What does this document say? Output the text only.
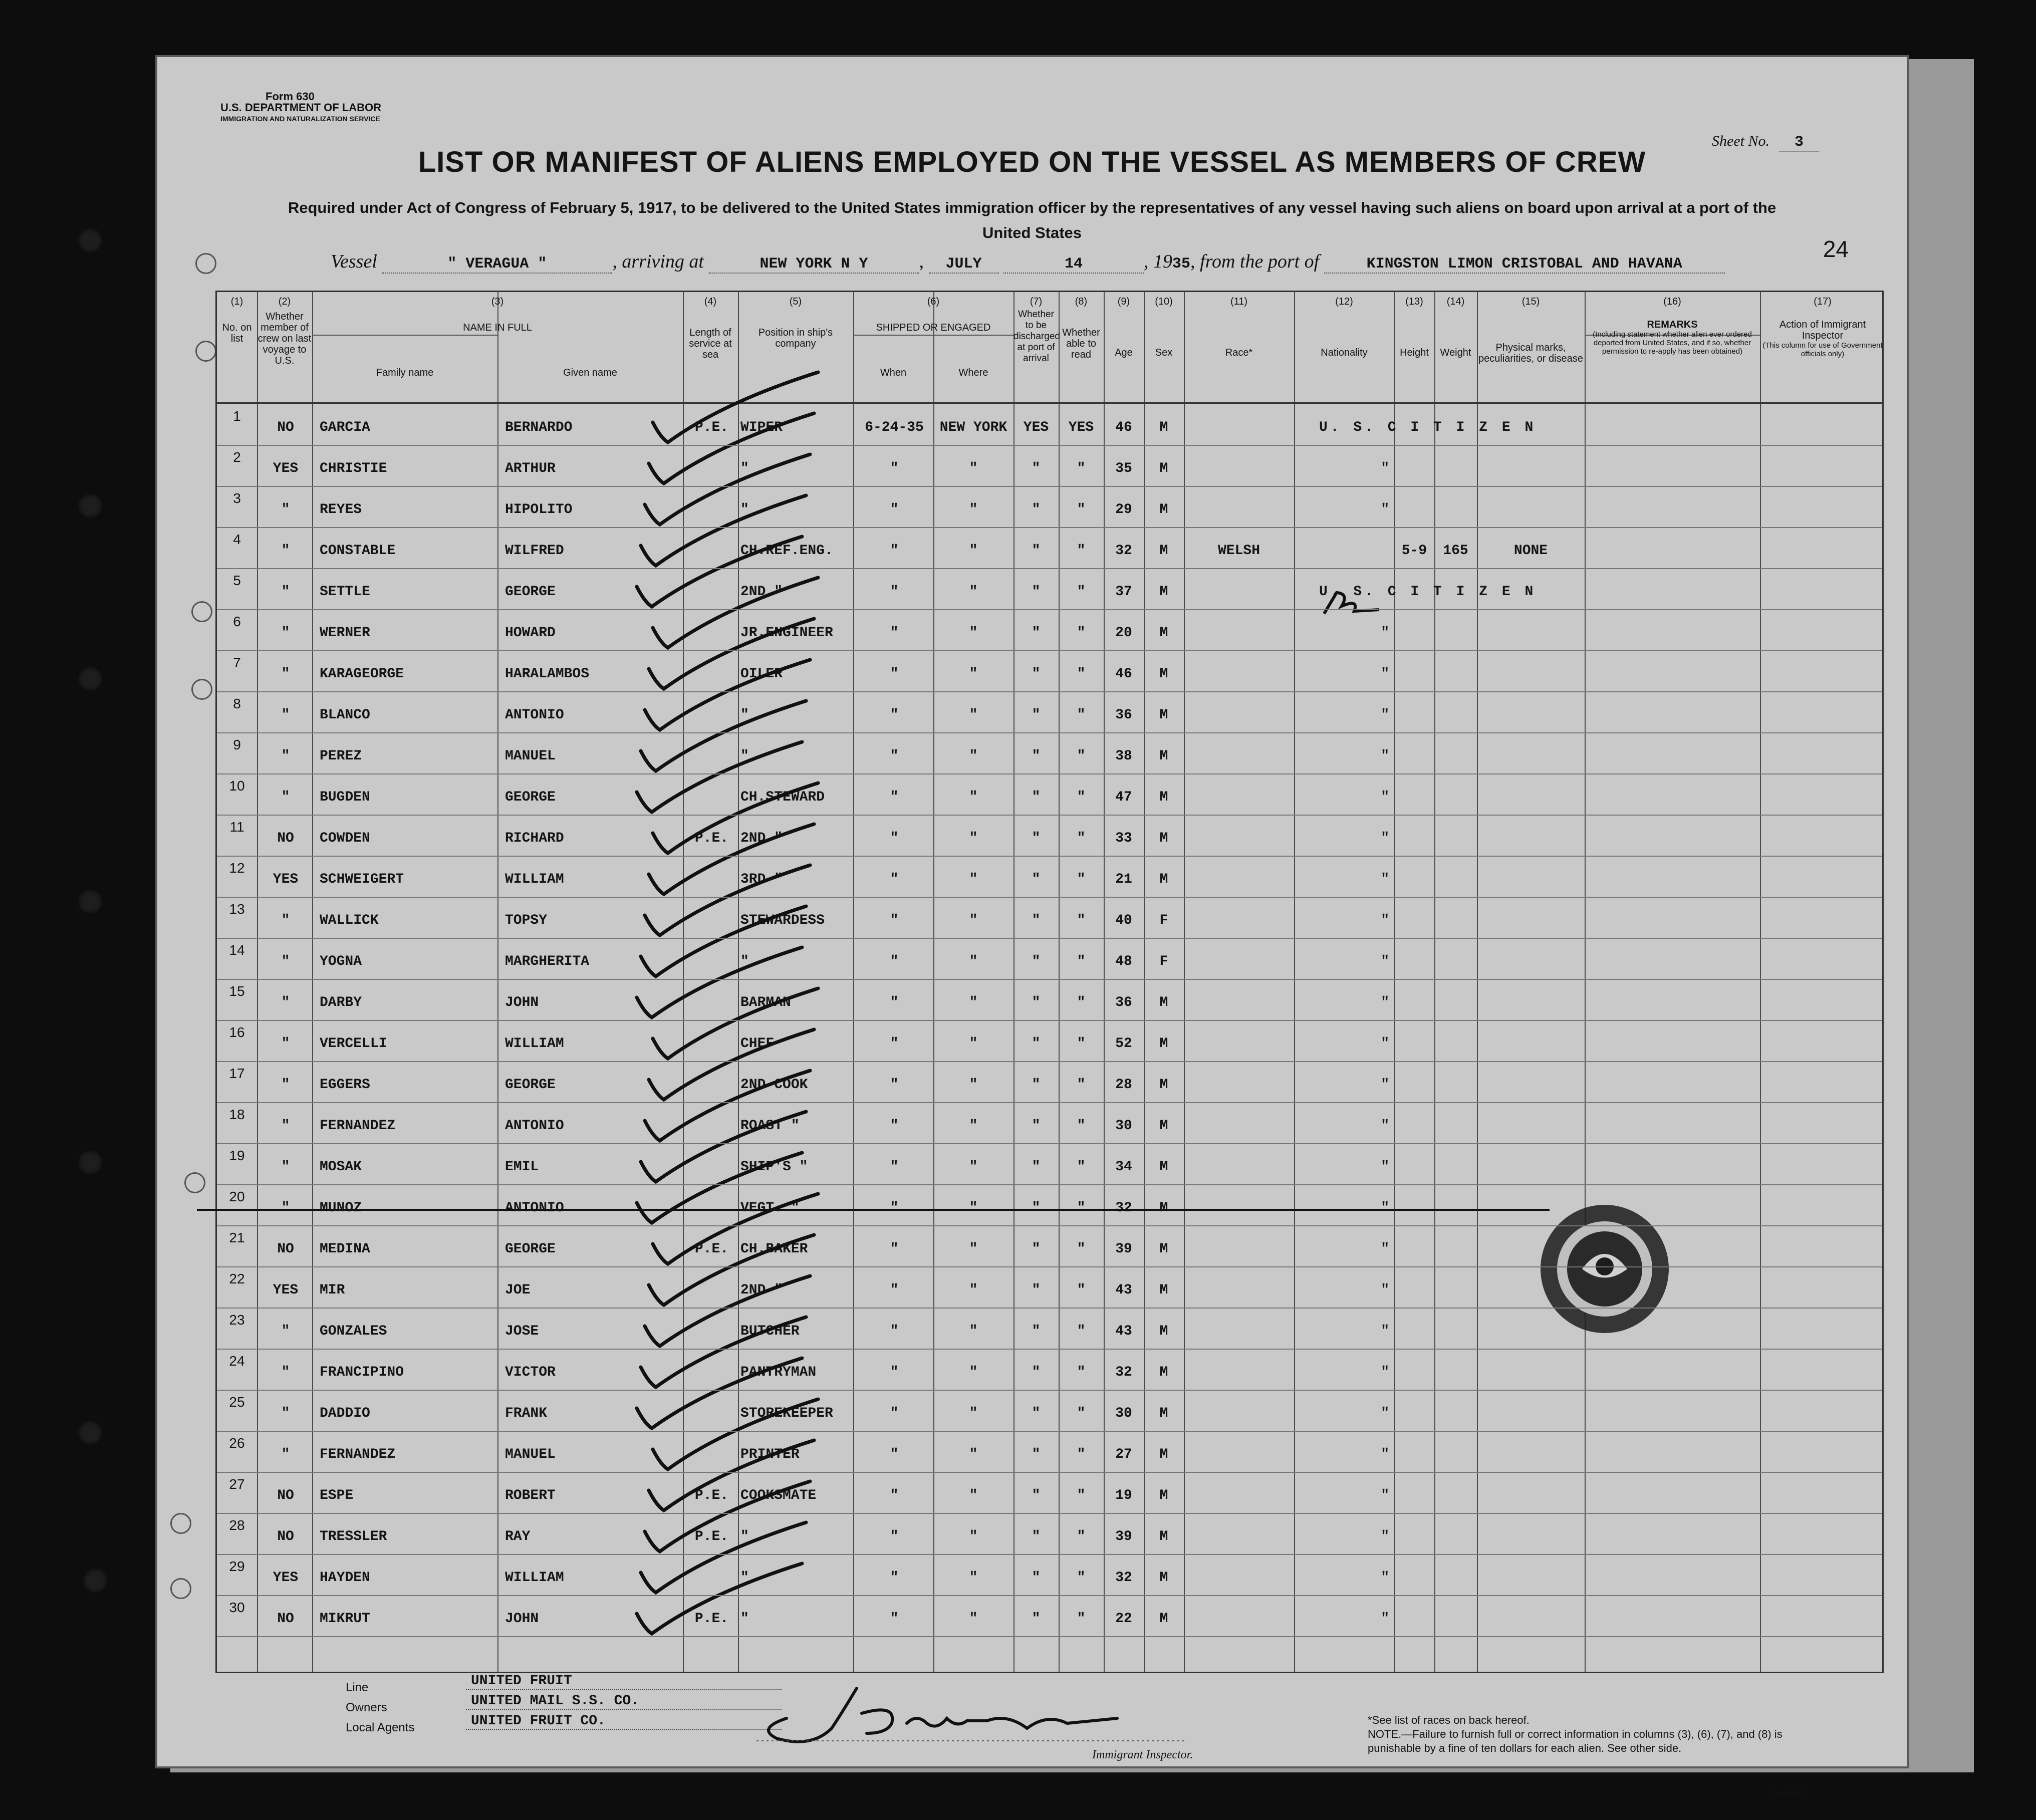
Form 630
U.S. DEPARTMENT OF LABOR
IMMIGRATION AND NATURALIZATION SERVICE
Sheet No. 3
LIST OR MANIFEST OF ALIENS EMPLOYED ON THE VESSEL AS MEMBERS OF CREW
Required under Act of Congress of February 5, 1917, to be delivered to the United States immigration officer by the representatives of any vessel having such aliens on board upon arrival at a port of the United States
24
Vessel	" VERAGUA "	, arriving at	NEW YORK N Y	, JULY	14	, 1935, from the port of	KINGSTON LIMON CRISTOBAL AND HAVANA
(1)
No. on list
(2)
Whether member of crew on last voyage to U.S.
(3)
NAME IN FULL
Family name	Given name
(4)
Length of service at sea
(5)
Position in ship's company
(6)
SHIPPED OR ENGAGED
When	Where
(7)
Whether to be discharged at port of arrival
(8)
Whether able to read
(9)
Age
(10)
Sex
(11)
Race*
(12)
Nationality
(13)
Height
(14)
Weight
(15)
Physical marks, peculiarities, or disease
(16)
REMARKS
(Including statement whether alien ever ordered deported from United States, and if so, whether permission to re-apply has been obtained)
(17)
Action of Immigrant Inspector
(This column for use of Government officials only)
1
NO	GARCIA	BERNARDO	P.E. WIPER	6-24-35	NEW YORK	YES	YES	46	M	U. S. C I T I Z E N
2
YES	CHRISTIE	ARTHUR	"	"	"	"	"	35	M	"
3
"	REYES	HIPOLITO	"	"	"	"	"	29	M	"
4
"	CONSTABLE	WILFRED	CH.REF.ENG.	"	"	"	"	32	M	WELSH	5-9	165	NONE
5
"	SETTLE	GEORGE	2ND "	"	"	"	"	37	M	U. S. C I T I Z E N
6
"	WERNER	HOWARD	JR.ENGINEER	"	"	"	"	20	M	"
7
"	KARAGEORGE	HARALAMBOS	OILER	"	"	"	"	46	M	"
8
"	BLANCO	ANTONIO	"	"	"	"	"	36	M	"
9
"	PEREZ	MANUEL	"	"	"	"	"	38	M	"
10
"	BUGDEN	GEORGE	CH.STEWARD	"	"	"	"	47	M	"
11
NO	COWDEN	RICHARD	P.E. 2ND "	"	"	"	"	33	M	"
12
YES	SCHWEIGERT	WILLIAM	3RD "	"	"	"	"	21	M	"
13
"	WALLICK	TOPSY	STEWARDESS	"	"	"	"	40	F	"
14
"	YOGNA	MARGHERITA	"	"	"	"	"	48	F	"
15
"	DARBY	JOHN	BARMAN	"	"	"	"	36	M	"
16
"	VERCELLI	WILLIAM	CHEF	"	"	"	"	52	M	"
17
"	EGGERS	GEORGE	2ND COOK	"	"	"	"	28	M	"
18
"	FERNANDEZ	ANTONIO	ROAST "	"	"	"	"	30	M	"
19
"	MOSAK	EMIL	SHIP'S "	"	"	"	"	34	M	"
20
"	MUNOZ	ANTONIO	VEGT. "	"	"	"	"	32	M	"
21
NO	MEDINA	GEORGE	P.E. CH.BAKER	"	"	"	"	39	M	"
22
YES	MIR	JOE	2ND "	"	"	"	"	43	M	"
23
"	GONZALES	JOSE	BUTCHER	"	"	"	"	43	M	"
24
"	FRANCIPINO	VICTOR	PANTRYMAN	"	"	"	"	32	M	"
25
"	DADDIO	FRANK	STOREKEEPER	"	"	"	"	30	M	"
26
"	FERNANDEZ	MANUEL	PRINTER	"	"	"	"	27	M	"
27
NO	ESPE	ROBERT	P.E. COOKSMATE	"	"	"	"	19	M	"
28
NO	TRESSLER	RAY	P.E. "	"	"	"	"	39	M	"
29
YES	HAYDEN	WILLIAM	"	"	"	"	"	32	M	"
30
NO	MIKRUT	JOHN	P.E. "	"	"	"	"	22	M	"
Line	UNITED FRUIT
Owners	UNITED MAIL S.S. CO.
Local Agents	UNITED FRUIT CO.
Immigrant Inspector.
*See list of races on back hereof.
NOTE.—Failure to furnish full or correct information in columns (3), (6), (7), and (8) is punishable by a fine of ten dollars for each alien. See other side.
14—1240
